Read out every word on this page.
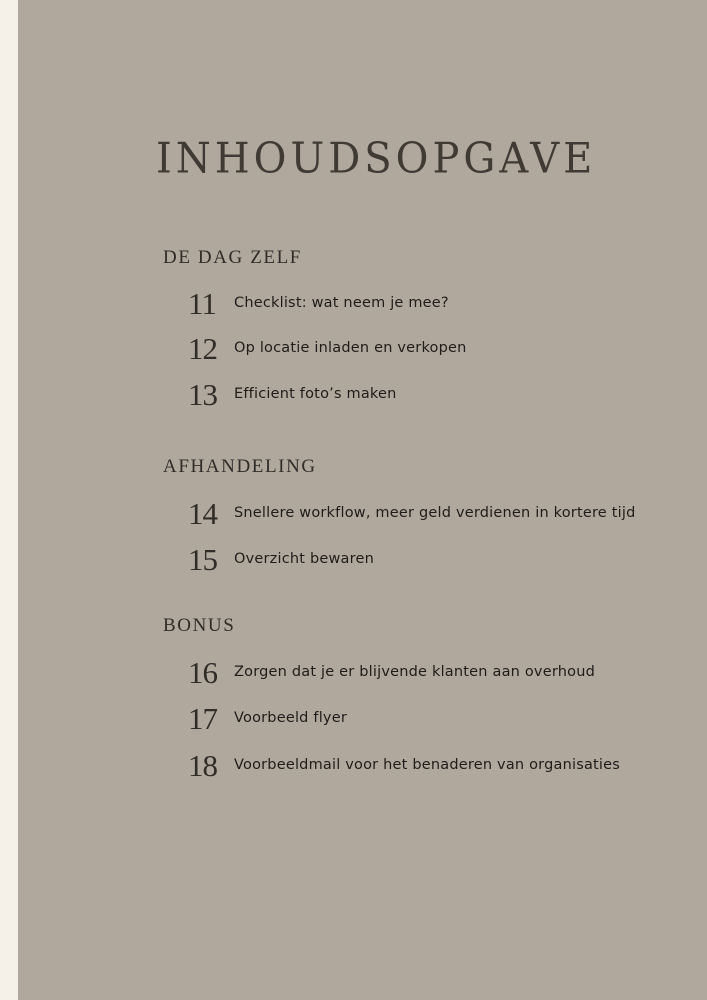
INHOUDSOPGAVE
DE DAG ZELF
11	Checklist: wat neem je mee?
12	Op locatie inladen en verkopen
13	Efficient foto’s maken
AFHANDELING
14	Snellere workflow, meer geld verdienen in kortere tijd
15	Overzicht bewaren
BONUS
16	Zorgen dat je er blijvende klanten aan overhoud
17	Voorbeeld flyer
18	Voorbeeldmail voor het benaderen van organisaties
